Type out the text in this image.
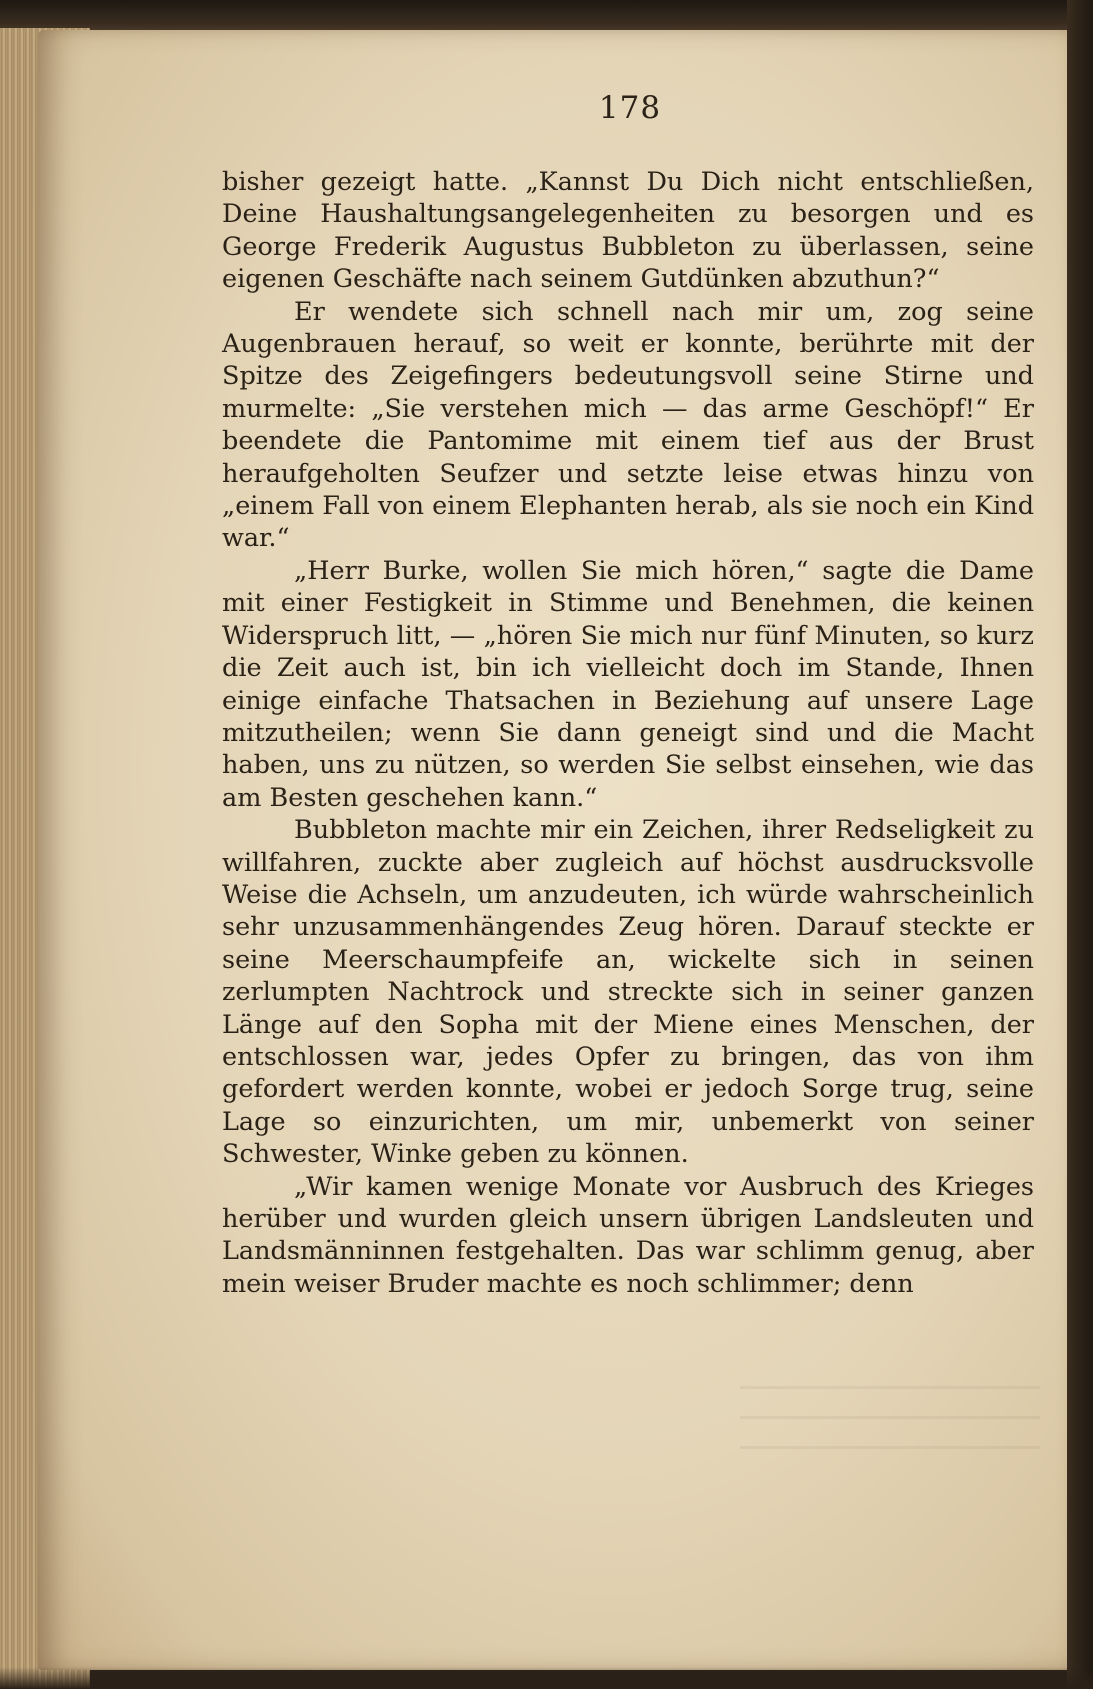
178

bisher gezeigt hatte. „Kannst Du Dich nicht entschließen, Deine Haushaltungsangelegenheiten zu besorgen und es George Frederik Augustus Bubbleton zu überlassen, seine eigenen Geschäfte nach seinem Gutdünken abzuthun?“

Er wendete sich schnell nach mir um, zog seine Augenbrauen herauf, so weit er konnte, berührte mit der Spitze des Zeigefingers bedeutungsvoll seine Stirne und murmelte: „Sie verstehen mich — das arme Geschöpf!“ Er beendete die Pantomime mit einem tief aus der Brust heraufgeholten Seufzer und setzte leise etwas hinzu von „einem Fall von einem Elephanten herab, als sie noch ein Kind war.“

„Herr Burke, wollen Sie mich hören,“ sagte die Dame mit einer Festigkeit in Stimme und Benehmen, die keinen Widerspruch litt, — „hören Sie mich nur fünf Minuten, so kurz die Zeit auch ist, bin ich vielleicht doch im Stande, Ihnen einige einfache Thatsachen in Beziehung auf unsere Lage mitzutheilen; wenn Sie dann geneigt sind und die Macht haben, uns zu nützen, so werden Sie selbst einsehen, wie das am Besten geschehen kann.“

Bubbleton machte mir ein Zeichen, ihrer Redseligkeit zu willfahren, zuckte aber zugleich auf höchst ausdrucksvolle Weise die Achseln, um anzudeuten, ich würde wahrscheinlich sehr unzusammenhängendes Zeug hören. Darauf steckte er seine Meerschaumpfeife an, wickelte sich in seinen zerlumpten Nachtrock und streckte sich in seiner ganzen Länge auf den Sopha mit der Miene eines Menschen, der entschlossen war, jedes Opfer zu bringen, das von ihm gefordert werden konnte, wobei er jedoch Sorge trug, seine Lage so einzurichten, um mir, unbemerkt von seiner Schwester, Winke geben zu können.

„Wir kamen wenige Monate vor Ausbruch des Krieges herüber und wurden gleich unsern übrigen Landsleuten und Landsmänninnen festgehalten. Das war schlimm genug, aber mein weiser Bruder machte es noch schlimmer; denn
